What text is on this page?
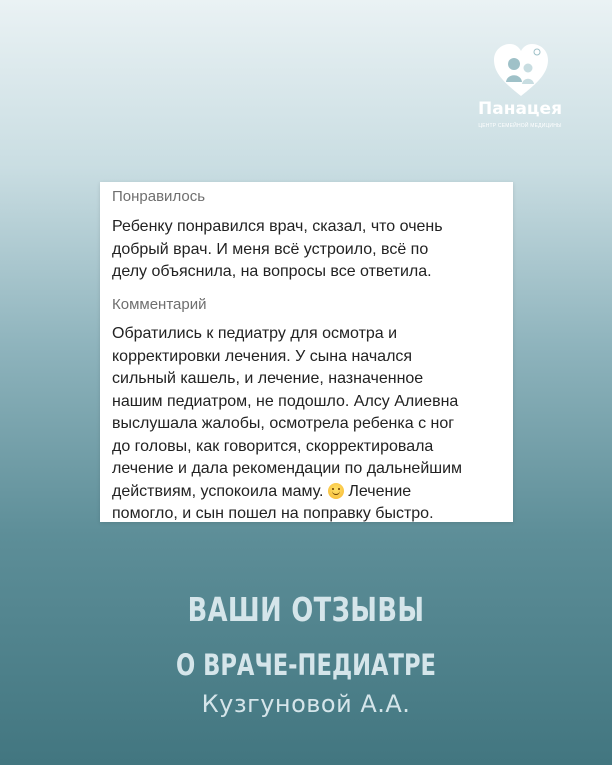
Панацея
ЦЕНТР СЕМЕЙНОЙ МЕДИЦИНЫ
Понравилось

Ребенку понравился врач, сказал, что очень
добрый врач. И меня всё устроило, всё по
делу объяснила, на вопросы все ответила.

Комментарий

Обратились к педиатру для осмотра и
корректировки лечения. У сына начался
сильный кашель, и лечение, назначенное
нашим педиатром, не подошло. Алсу Алиевна
выслушала жалобы, осмотрела ребенка с ног
до головы, как говорится, скорректировала
лечение и дала рекомендации по дальнейшим
действиям, успокоила маму.  Лечение
помогло, и сын пошел на поправку быстро.

ВАШИ ОТЗЫВЫ
О ВРАЧЕ-ПЕДИАТРЕ
Кузгуновой А.А.
